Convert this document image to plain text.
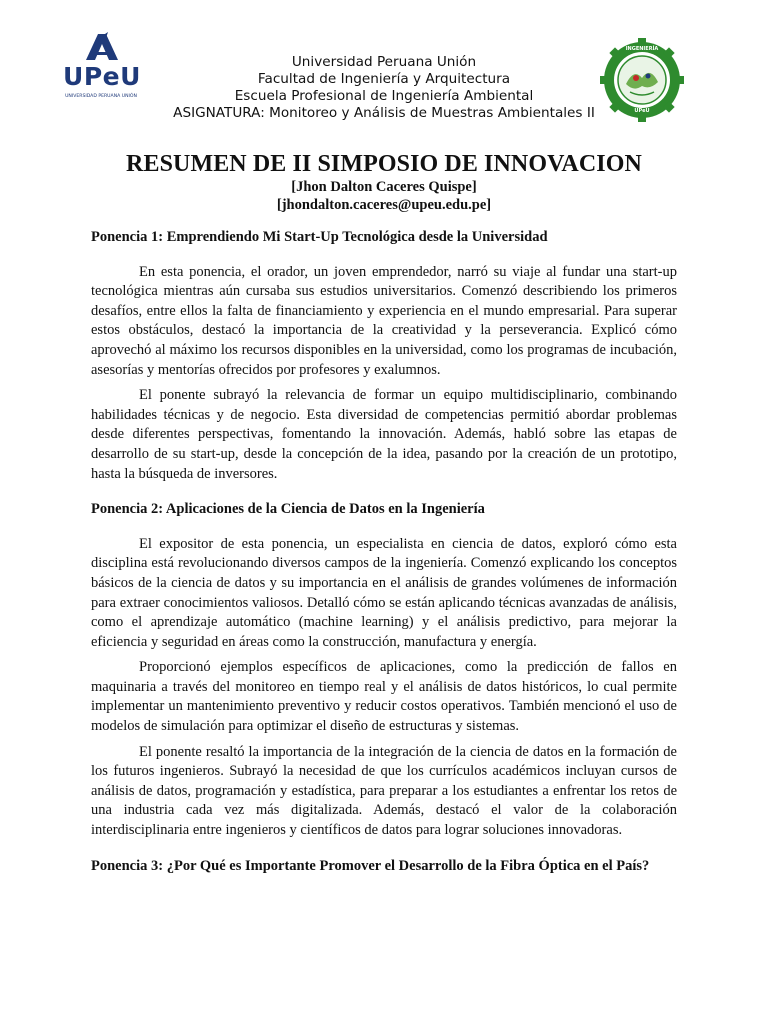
UPeU
UNIVERSIDAD PERUANA UNIÓN
INGENIERÍA
UPeU
Universidad Peruana Unión
Facultad de Ingeniería y Arquitectura
Escuela Profesional de Ingeniería Ambiental
ASIGNATURA: Monitoreo y Análisis de Muestras Ambientales II
RESUMEN DE II SIMPOSIO DE INNOVACION
[Jhon Dalton Caceres Quispe]
[jhondalton.caceres@upeu.edu.pe]

Ponencia 1: Emprendiendo Mi Start-Up Tecnológica desde la Universidad

En esta ponencia, el orador, un joven emprendedor, narró su viaje al fundar una start-up tecnológica mientras aún cursaba sus estudios universitarios. Comenzó describiendo los primeros desafíos, entre ellos la falta de financiamiento y experiencia en el mundo empresarial. Para superar estos obstáculos, destacó la importancia de la creatividad y la perseverancia. Explicó cómo aprovechó al máximo los recursos disponibles en la universidad, como los programas de incubación, asesorías y mentorías ofrecidos por profesores y exalumnos.

El ponente subrayó la relevancia de formar un equipo multidisciplinario, combinando habilidades técnicas y de negocio. Esta diversidad de competencias permitió abordar problemas desde diferentes perspectivas, fomentando la innovación. Además, habló sobre las etapas de desarrollo de su start-up, desde la concepción de la idea, pasando por la creación de un prototipo, hasta la búsqueda de inversores.

Ponencia 2: Aplicaciones de la Ciencia de Datos en la Ingeniería

El expositor de esta ponencia, un especialista en ciencia de datos, exploró cómo esta disciplina está revolucionando diversos campos de la ingeniería. Comenzó explicando los conceptos básicos de la ciencia de datos y su importancia en el análisis de grandes volúmenes de información para extraer conocimientos valiosos. Detalló cómo se están aplicando técnicas avanzadas de análisis, como el aprendizaje automático (machine learning) y el análisis predictivo, para mejorar la eficiencia y seguridad en áreas como la construcción, manufactura y energía.

Proporcionó ejemplos específicos de aplicaciones, como la predicción de fallos en maquinaria a través del monitoreo en tiempo real y el análisis de datos históricos, lo cual permite implementar un mantenimiento preventivo y reducir costos operativos. También mencionó el uso de modelos de simulación para optimizar el diseño de estructuras y sistemas.

El ponente resaltó la importancia de la integración de la ciencia de datos en la formación de los futuros ingenieros. Subrayó la necesidad de que los currículos académicos incluyan cursos de análisis de datos, programación y estadística, para preparar a los estudiantes a enfrentar los retos de una industria cada vez más digitalizada. Además, destacó el valor de la colaboración interdisciplinaria entre ingenieros y científicos de datos para lograr soluciones innovadoras.

Ponencia 3: ¿Por Qué es Importante Promover el Desarrollo de la Fibra Óptica en el País?
